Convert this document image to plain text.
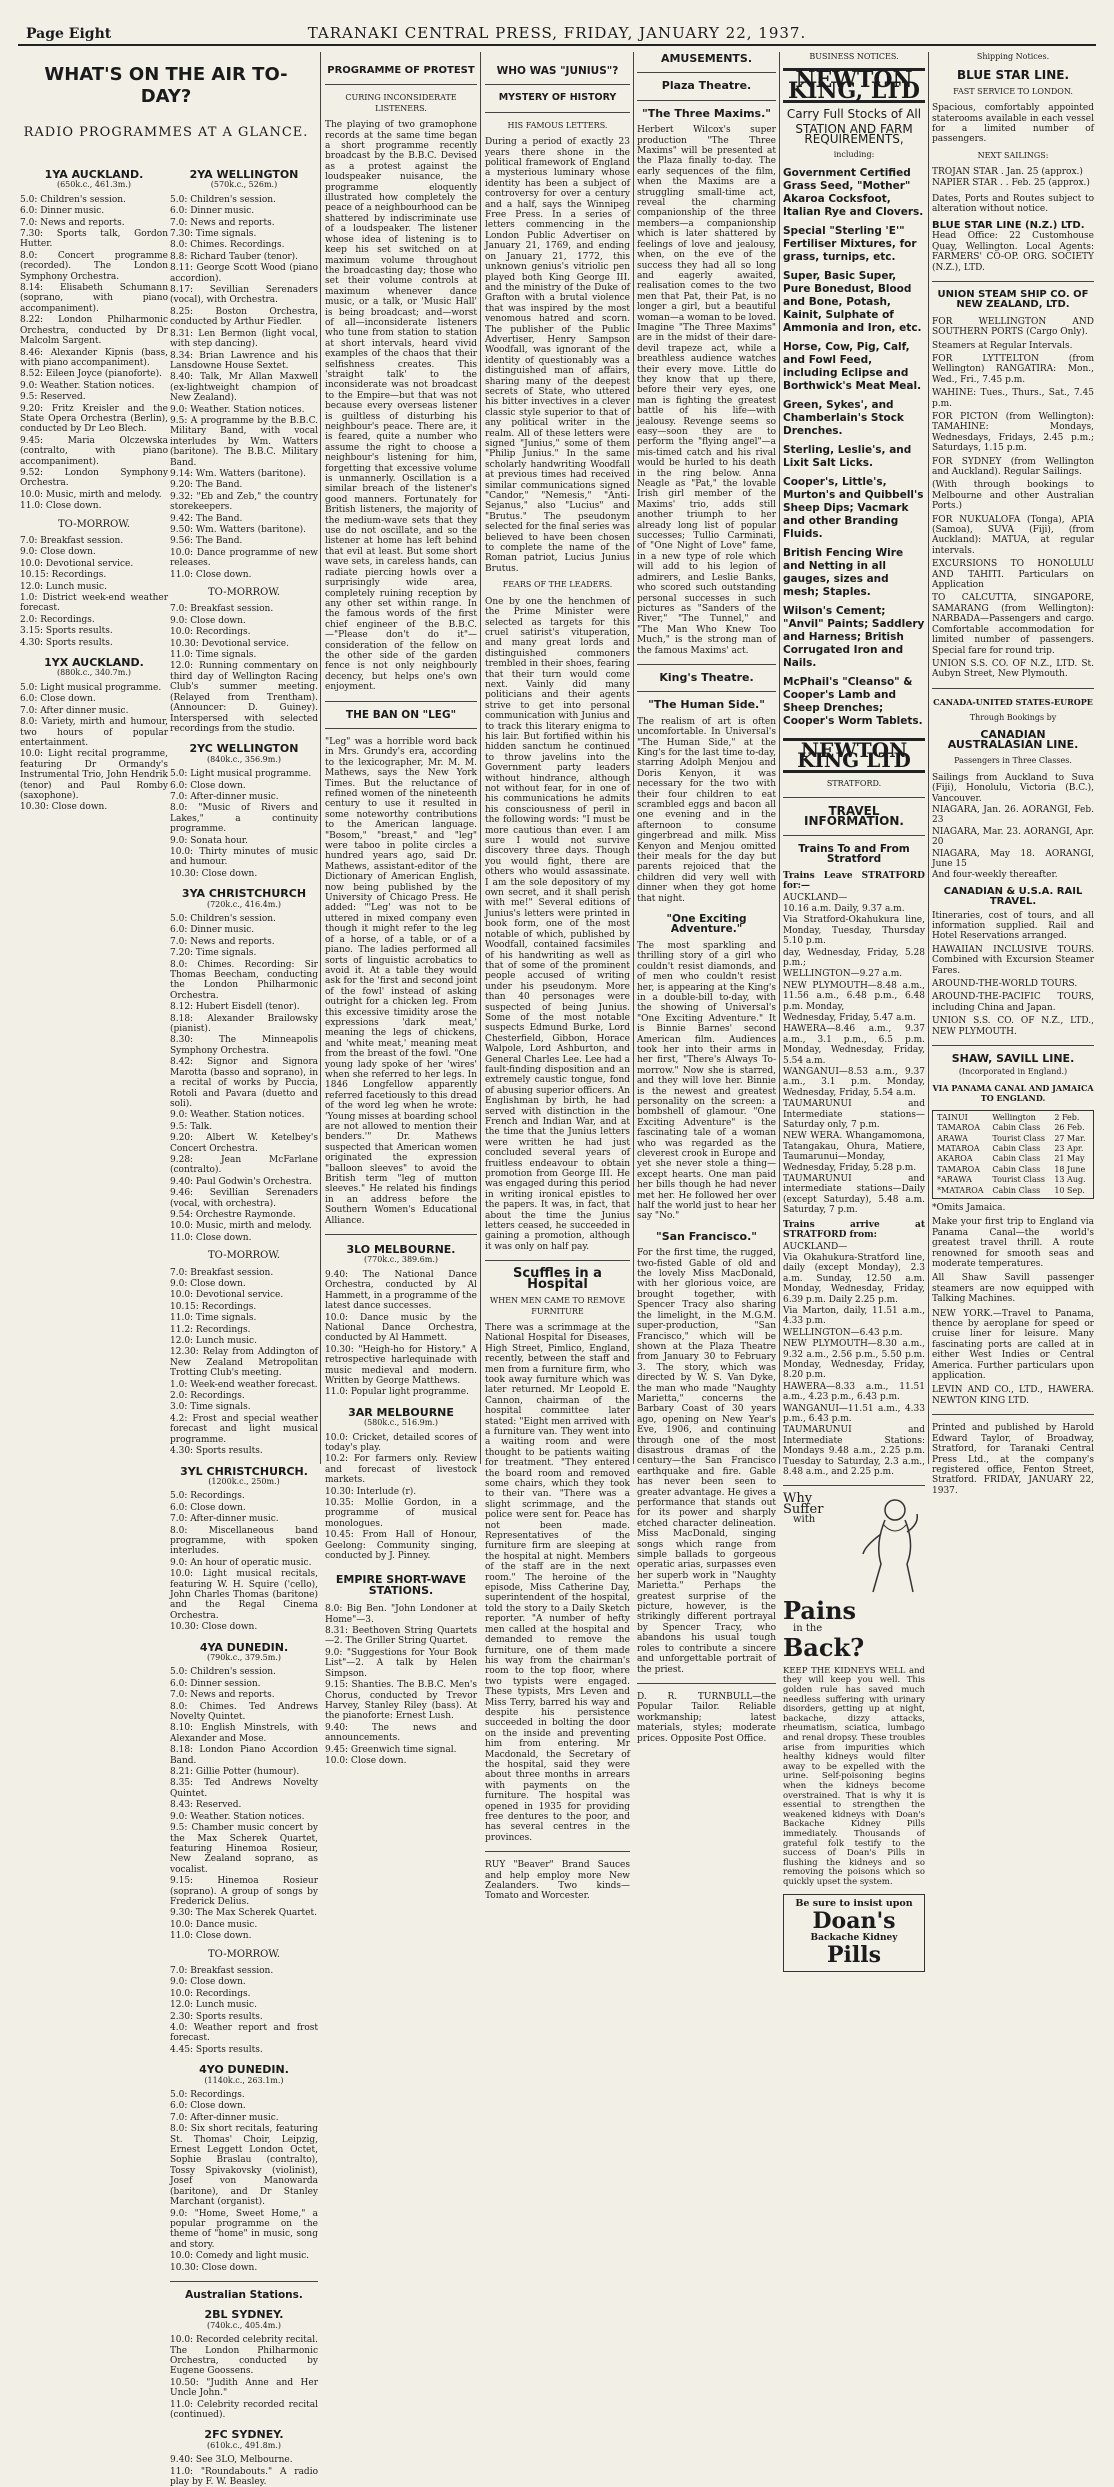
Page Eight	TARANAKI CENTRAL PRESS, FRIDAY, JANUARY 22, 1937.
WHAT'S ON THE AIR TO-DAY?
RADIO PROGRAMMES AT A GLANCE.
1YA AUCKLAND.
(650k.c., 461.3m.)
5.0: Children's session.
6.0: Dinner music.
7.0: News and reports.
7.30: Sports talk, Gordon Hutter.
8.0: Concert programme (recorded). The London Symphony Orchestra.
8.14: Elisabeth Schumann (soprano, with piano accompaniment).
8.22: London Philharmonic Orchestra, conducted by Dr Malcolm Sargent.
8.46: Alexander Kipnis (bass, with piano accompaniment).
8.52: Eileen Joyce (pianoforte).
9.0: Weather. Station notices.
9.5: Reserved.
9.20: Fritz Kreisler and the State Opera Orchestra (Berlin), conducted by Dr Leo Blech.
9.45: Maria Olczewska (contralto, with piano accompaniment).
9.52: London Symphony Orchestra.
10.0: Music, mirth and melody.
11.0: Close down.
TO-MORROW.
7.0: Breakfast session.
9.0: Close down.
10.0: Devotional service.
10.15: Recordings.
12.0: Lunch music.
1.0: District week-end weather forecast.
2.0: Recordings.
3.15: Sports results.
4.30: Sports results.
1YX AUCKLAND.
(880k.c., 340.7m.)
5.0: Light musical programme.
6.0: Close down.
7.0: After dinner music.
8.0: Variety, mirth and humour, two hours of popular entertainment.
10.0: Light recital programme, featuring Dr Ormandy's Instrumental Trio, John Hendrik (tenor) and Paul Romby (saxophone).
10.30: Close down.
2YA WELLINGTON
(570k.c., 526m.)
5.0: Children's session.
6.0: Dinner music.
7.0: News and reports.
7.30: Time signals.
8.0: Chimes. Recordings.
8.8: Richard Tauber (tenor).
8.11: George Scott Wood (piano accordion).
8.17: Sevillian Serenaders (vocal), with Orchestra.
8.25: Boston Orchestra, conducted by Arthur Fiedler.
8.31: Len Bermon (light vocal, with step dancing).
8.34: Brian Lawrence and his Lansdowne House Sextet.
8.40: Talk, Mr Allan Maxwell (ex-lightweight champion of New Zealand).
9.0: Weather. Station notices.
9.5: A programme by the B.B.C. Military Band, with vocal interludes by Wm. Watters (baritone). The B.B.C. Military Band.
9.14: Wm. Watters (baritone).
9.20: The Band.
9.32: "Eb and Zeb," the country storekeepers.
9.42: The Band.
9.50: Wm. Watters (baritone).
9.56: The Band.
10.0: Dance programme of new releases.
11.0: Close down.
TO-MORROW.
7.0: Breakfast session.
9.0: Close down.
10.0: Recordings.
10.30: Devotional service.
11.0: Time signals.
12.0: Running commentary on third day of Wellington Racing Club's summer meeting. (Relayed from Trentham). (Announcer: D. Guiney). Interspersed with selected recordings from the studio.
2YC WELLINGTON
(840k.c., 356.9m.)
5.0: Light musical programme.
6.0: Close down.
7.0: After-dinner music.
8.0: "Music of Rivers and Lakes," a continuity programme.
9.0: Sonata hour.
10.0: Thirty minutes of music and humour.
10.30: Close down.
3YA CHRISTCHURCH
(720k.c., 416.4m.)
5.0: Children's session.
6.0: Dinner music.
7.0: News and reports.
7.20: Time signals.
8.0: Chimes. Recording: Sir Thomas Beecham, conducting the London Philharmonic Orchestra.
8.12: Hubert Eisdell (tenor).
8.18: Alexander Brailowsky (pianist).
8.30: The Minneapolis Symphony Orchestra.
8.42: Signor and Signora Marotta (basso and soprano), in a recital of works by Puccia, Rotoli and Pavara (duetto and soli).
9.0: Weather. Station notices.
9.5: Talk.
9.20: Albert W. Ketelbey's Concert Orchestra.
9.28: Jean McFarlane (contralto).
9.40: Paul Godwin's Orchestra.
9.46: Sevillian Serenaders (vocal, with orchestra).
9.54: Orchestre Raymonde.
10.0: Music, mirth and melody.
11.0: Close down.
TO-MORROW.
7.0: Breakfast session.
9.0: Close down.
10.0: Devotional service.
10.15: Recordings.
11.0: Time signals.
11.2: Recordings.
12.0: Lunch music.
12.30: Relay from Addington of New Zealand Metropolitan Trotting Club's meeting.
1.0: Week-end weather forecast.
2.0: Recordings.
3.0: Time signals.
4.2: Frost and special weather forecast and light musical programme.
4.30: Sports results.
3YL CHRISTCHURCH.
(1200k.c., 250m.)
5.0: Recordings.
6.0: Close down.
7.0: After-dinner music.
8.0: Miscellaneous band programme, with spoken interludes.
9.0: An hour of operatic music.
10.0: Light musical recitals, featuring W. H. Squire ('cello), John Charles Thomas (baritone) and the Regal Cinema Orchestra.
10.30: Close down.
4YA DUNEDIN.
(790k.c., 379.5m.)
5.0: Children's session.
6.0: Dinner session.
7.0: News and reports.
8.0: Chimes. Ted Andrews Novelty Quintet.
8.10: English Minstrels, with Alexander and Mose.
8.18: London Piano Accordion Band.
8.21: Gillie Potter (humour).
8.35: Ted Andrews Novelty Quintet.
8.43: Reserved.
9.0: Weather. Station notices.
9.5: Chamber music concert by the Max Scherek Quartet, featuring Hinemoa Rosieur, New Zealand soprano, as vocalist.
9.15: Hinemoa Rosieur (soprano). A group of songs by Frederick Delius.
9.30: The Max Scherek Quartet.
10.0: Dance music.
11.0: Close down.
TO-MORROW.
7.0: Breakfast session.
9.0: Close down.
10.0: Recordings.
12.0: Lunch music.
2.30: Sports results.
4.0: Weather report and frost forecast.
4.45: Sports results.
4YO DUNEDIN.
(1140k.c., 263.1m.)
5.0: Recordings.
6.0: Close down.
7.0: After-dinner music.
8.0: Six short recitals, featuring St. Thomas' Choir, Leipzig, Ernest Leggett London Octet, Sophie Braslau (contralto), Tossy Spivakovsky (violinist), Josef von Manowarda (baritone), and Dr Stanley Marchant (organist).
9.0: "Home, Sweet Home," a popular programme on the theme of "home" in music, song and story.
10.0: Comedy and light music.
10.30: Close down.
Australian Stations.
2BL SYDNEY.
(740k.c., 405.4m.)
10.0: Recorded celebrity recital. The London Philharmonic Orchestra, conducted by Eugene Goossens.
10.50: "Judith Anne and Her Uncle John."
11.0: Celebrity recorded recital (continued).
2FC SYDNEY.
(610k.c., 491.8m.)
9.40: See 3LO, Melbourne.
11.0: "Roundabouts." A radio play by F. W. Beasley.
PROGRAMME OF PROTEST
CURING INCONSIDERATE LISTENERS.
The playing of two gramophone records at the same time began a short programme recently broadcast by the B.B.C. Devised as a protest against the loudspeaker nuisance, the programme eloquently illustrated how completely the peace of a neighbourhood can be shattered by indiscriminate use of a loudspeaker. The listener whose idea of listening is to keep his set switched on at maximum volume throughout the broadcasting day; those who set their volume controls at maximum whenever dance music, or a talk, or 'Music Hall' is being broadcast; and—worst of all—inconsiderate listeners who tune from station to station at short intervals, heard vivid examples of the chaos that their selfishness creates. This 'straight talk' to the inconsiderate was not broadcast to the Empire—but that was not because every overseas listener is guiltless of disturbing his neighbour's peace. There are, it is feared, quite a number who assume the right to choose a neighbour's listening for him, forgetting that excessive volume is unmannerly. Oscillation is a similar breach of the listener's good manners. Fortunately for British listeners, the majority of the medium-wave sets that they use do not oscillate, and so the listener at home has left behind that evil at least. But some short wave sets, in careless hands, can radiate piercing howls over a surprisingly wide area, completely ruining reception by any other set within range. In the famous words of the first chief engineer of the B.B.C.—"Please don't do it"—consideration of the fellow on the other side of the garden fence is not only neighbourly decency, but helps one's own enjoyment.
THE BAN ON "LEG"
"Leg" was a horrible word back in Mrs. Grundy's era, according to the lexicographer, Mr. M. M. Mathews, says the New York Times. But the reluctance of refined women of the nineteenth century to use it resulted in some noteworthy contributions to the American language. "Bosom," "breast," and "leg" were taboo in polite circles a hundred years ago, said Dr. Mathews, assistant-editor of the Dictionary of American English, now being published by the University of Chicago Press. He added: "'Leg' was not to be uttered in mixed company even though it might refer to the leg of a horse, of a table, or of a piano. The ladies performed all sorts of linguistic acrobatics to avoid it. At a table they would ask for the 'first and second joint of the fowl' instead of asking outright for a chicken leg. From this excessive timidity arose the expressions 'dark meat,' meaning the legs of chickens, and 'white meat,' meaning meat from the breast of the fowl. "One young lady spoke of her 'wires' when she referred to her legs. In 1846 Longfellow apparently referred facetiously to this dread of the word leg when he wrote: 'Young misses at boarding school are not allowed to mention their benders.'" Dr. Mathews suspected that American women originated the expression "balloon sleeves" to avoid the British term "leg of mutton sleeves." He related his findings in an address before the Southern Women's Educational Alliance.
3LO MELBOURNE.
(770k.c., 389.6m.)
9.40: The National Dance Orchestra, conducted by Al Hammett, in a programme of the latest dance successes.
10.0: Dance music by the National Dance Orchestra, conducted by Al Hammett.
10.30: "Heigh-ho for History." A retrospective harlequinade with music medieval and modern. Written by George Matthews.
11.0: Popular light programme.
3AR MELBOURNE
(580k.c., 516.9m.)
10.0: Cricket, detailed scores of today's play.
10.2: For farmers only. Review and forecast of livestock markets.
10.30: Interlude (r).
10.35: Mollie Gordon, in a programme of musical monologues.
10.45: From Hall of Honour, Geelong: Community singing, conducted by J. Pinney.
EMPIRE SHORT-WAVE STATIONS.
8.0: Big Ben. "John Londoner at Home"—3.
8.31: Beethoven String Quartets—2. The Griller String Quartet.
9.0: "Suggestions for Your Book List"—2. A talk by Helen Simpson.
9.15: Shanties. The B.B.C. Men's Chorus, conducted by Trevor Harvey, Stanley Riley (bass). At the pianoforte: Ernest Lush.
9.40: The news and announcements.
9.45: Greenwich time signal.
10.0: Close down.
WHO WAS "JUNIUS"?
MYSTERY OF HISTORY
HIS FAMOUS LETTERS.
During a period of exactly 23 years there shone in the political framework of England a mysterious luminary whose identity has been a subject of controversy for over a century and a half, says the Winnipeg Free Press. In a series of letters commencing in the London Public Advertiser on January 21, 1769, and ending on January 21, 1772, this unknown genius's vitriolic pen played both King George III. and the ministry of the Duke of Grafton with a brutal violence that was inspired by the most venomous hatred and scorn. The publisher of the Public Advertiser, Henry Sampson Woodfall, was ignorant of the identity of questionably was a distinguished man of affairs, sharing many of the deepest secrets of State, who uttered his bitter invectives in a clever classic style superior to that of any political writer in the realm. All of these letters were signed "Junius," some of them "Philip Junius." In the same scholarly handwriting Woodfall at previous times had received similar communications signed "Candor," "Nemesis," "Anti-Sejanus," also "Lucius" and "Brutus." The pseudonym selected for the final series was believed to have been chosen to complete the name of the Roman patriot, Lucius Junius Brutus.
FEARS OF THE LEADERS.
One by one the henchmen of the Prime Minister were selected as targets for this cruel satirist's vituperation, and many great lords and distinguished commoners trembled in their shoes, fearing that their turn would come next. Vainly did many politicians and their agents strive to get into personal communication with Junius and to track this literary enigma to his lair. But fortified within his hidden sanctum he continued to throw javelins into the Government party leaders without hindrance, although not without fear, for in one of his communications he admits his consciousness of peril in the following words: "I must be more cautious than ever. I am sure I would not survive discovery three days. Though you would fight, there are others who would assassinate. I am the sole depository of my own secret, and it shall perish with me!" Several editions of Junius's letters were printed in book form, one of the most notable of which, published by Woodfall, contained facsimiles of his handwriting as well as that of some of the prominent people accused of writing under his pseudonym. More than 40 personages were suspected of being Junius. Some of the most notable suspects Edmund Burke, Lord Chesterfield, Gibbon, Horace Walpole, Lord Ashburton, and General Charles Lee. Lee had a fault-finding disposition and an extremely caustic tongue, fond of abusing superior officers. An Englishman by birth, he had served with distinction in the French and Indian War, and at the time that the Junius letters were written he had just concluded several years of fruitless endeavour to obtain promotion from George III. He was engaged during this period in writing ironical epistles to the papers. It was, in fact, that about the time the Junius letters ceased, he succeeded in gaining a promotion, although it was only on half pay.
Scuffles in a Hospital
WHEN MEN CAME TO REMOVE FURNITURE
There was a scrimmage at the National Hospital for Diseases, High Street, Pimlico, England, recently, between the staff and men from a furniture firm, who took away furniture which was later returned. Mr Leopold E. Cannon, chairman of the hospital committee later stated: "Eight men arrived with a furniture van. They went into a waiting room and were thought to be patients waiting for treatment. "They entered the board room and removed some chairs, which they took to their van. "There was a slight scrimmage, and the police were sent for. Peace has not been made. Representatives of the furniture firm are sleeping at the hospital at night. Members of the staff are in the next room." The heroine of the episode, Miss Catherine Day, superintendent of the hospital, told the story to a Daily Sketch reporter. "A number of hefty men called at the hospital and demanded to remove the furniture, one of them made his way from the chairman's room to the top floor, where two typists were engaged. These typists, Mrs Leven and Miss Terry, barred his way and despite his persistence succeeded in bolting the door on the inside and preventing him from entering. Mr Macdonald, the Secretary of the hospital, said they were about three months in arrears with payments on the furniture. The hospital was opened in 1935 for providing free dentures to the poor, and has several centres in the provinces.
RUY "Beaver" Brand Sauces and help employ more New Zealanders. Two kinds—Tomato and Worcester.
AMUSEMENTS.
Plaza Theatre.
"The Three Maxims."
Herbert Wilcox's super production "The Three Maxims" will be presented at the Plaza finally to-day. The early sequences of the film, when the Maxims are a struggling small-time act, reveal the charming companionship of the three members—a companionship which is later shattered by feelings of love and jealousy, when, on the eve of the success they had all so long and eagerly awaited, realisation comes to the two men that Pat, their Pat, is no longer a girl, but a beautiful woman—a woman to be loved. Imagine "The Three Maxims" are in the midst of their dare-devil trapeze act, while a breathless audience watches their every move. Little do they know that up there, before their very eyes, one man is fighting the greatest battle of his life—with jealousy. Revenge seems so easy—soon they are to perform the "flying angel"—a mis-timed catch and his rival would be hurled to his death in the ring below. Anna Neagle as "Pat," the lovable Irish girl member of the Maxims' trio, adds still another triumph to her already long list of popular successes; Tullio Carminati, of "One Night of Love" fame, in a new type of role which will add to his legion of admirers, and Leslie Banks, who scored such outstanding personal successes in such pictures as "Sanders of the River," "The Tunnel," and "The Man Who Knew Too Much," is the strong man of the famous Maxims' act.
King's Theatre.
"The Human Side."
The realism of art is often uncomfortable. In Universal's "The Human Side," at the King's for the last time to-day, starring Adolph Menjou and Doris Kenyon, it was necessary for the two with their four children to eat scrambled eggs and bacon all one evening and in the afternoon to consume gingerbread and milk. Miss Kenyon and Menjou omitted their meals for the day but parents rejoiced that the children did very well with dinner when they got home that night.
"One Exciting Adventure."
The most sparkling and thrilling story of a girl who couldn't resist diamonds, and of men who couldn't resist her, is appearing at the King's in a double-bill to-day, with the showing of Universal's "One Exciting Adventure." It is Binnie Barnes' second American film. Audiences took her into their arms in her first, "There's Always To-morrow." Now she is starred, and they will love her. Binnie is the newest and greatest personality on the screen: a bombshell of glamour. "One Exciting Adventure" is the fascinating tale of a woman who was regarded as the cleverest crook in Europe and yet she never stole a thing—except hearts. One man paid her bills though he had never met her. He followed her over half the world just to hear her say "No."
"San Francisco."
For the first time, the rugged, two-fisted Gable of old and the lovely Miss MacDonald, with her glorious voice, are brought together, with Spencer Tracy also sharing the limelight, in the M.G.M. super-production, "San Francisco," which will be shown at the Plaza Theatre from January 30 to February 3. The story, which was directed by W. S. Van Dyke, the man who made "Naughty Marietta," concerns the Barbary Coast of 30 years ago, opening on New Year's Eve, 1906, and continuing through one of the most disastrous dramas of the century—the San Francisco earthquake and fire. Gable has never been seen to greater advantage. He gives a performance that stands out for its power and sharply etched character delineation. Miss MacDonald, singing songs which range from simple ballads to gorgeous operatic arias, surpasses even her superb work in "Naughty Marietta." Perhaps the greatest surprise of the picture, however, is the strikingly different portrayal by Spencer Tracy, who abandons his usual tough roles to contribute a sincere and unforgettable portrait of the priest.
D. R. TURNBULL—the Popular Tailor. Reliable workmanship; latest materials, styles; moderate prices. Opposite Post Office.
BUSINESS NOTICES.
NEWTON KING, LTD
Carry Full Stocks of All
STATION AND FARM REQUIREMENTS,
including:
Government Certified Grass Seed, "Mother" Akaroa Cocksfoot, Italian Rye and Clovers.
Special "Sterling 'E'" Fertiliser Mixtures, for grass, turnips, etc.
Super, Basic Super, Pure Bonedust, Blood and Bone, Potash, Kainit, Sulphate of Ammonia and Iron, etc.
Horse, Cow, Pig, Calf, and Fowl Feed, including Eclipse and Borthwick's Meat Meal.
Green, Sykes', and Chamberlain's Stock Drenches.
Sterling, Leslie's, and Lixit Salt Licks.
Cooper's, Little's, Murton's and Quibbell's Sheep Dips; Vacmark and other Branding Fluids.
British Fencing Wire and Netting in all gauges, sizes and mesh; Staples.
Wilson's Cement; "Anvil" Paints; Saddlery and Harness; British Corrugated Iron and Nails.
McPhail's "Cleanso" & Cooper's Lamb and Sheep Drenches; Cooper's Worm Tablets.
NEWTON KING LTD
STRATFORD.
TRAVEL INFORMATION.
Trains To and From Stratford
Trains Leave STRATFORD for:—
AUCKLAND—
10.16 a.m. Daily, 9.37 a.m.
Via Stratford-Okahukura line, Monday, Tuesday, Thursday 5.10 p.m.
day, Wednesday, Friday, 5.28 p.m.;
WELLINGTON—9.27 a.m.
NEW PLYMOUTH—8.48 a.m., 11.56 a.m., 6.48 p.m., 6.48 p.m. Monday,
Wednesday, Friday, 5.47 a.m.
HAWERA—8.46 a.m., 9.37 a.m., 3.1 p.m., 6.5 p.m. Monday, Wednesday, Friday, 5.54 a.m.
WANGANUI—8.53 a.m., 9.37 a.m., 3.1 p.m. Monday, Wednesday, Friday, 5.54 a.m.
TAUMARUNUI and Intermediate stations—Saturday only, 7 p.m.
NEW WERA. Whangamomona, Tatangakau, Ohura, Matiere, Taumarunui—Monday, Wednesday, Friday, 5.28 p.m.
TAUMARUNUI and intermediate stations—Daily (except Saturday), 5.48 a.m. Saturday, 7 p.m.
Trains arrive at STRATFORD from:
AUCKLAND—
Via Okahukura-Stratford line, daily (except Monday), 2.3 a.m. Sunday, 12.50 a.m. Monday, Wednesday, Friday, 6.39 p.m. Daily 2.25 p.m.
Via Marton, daily, 11.51 a.m., 4.33 p.m.
WELLINGTON—6.43 p.m.
NEW PLYMOUTH—8.30 a.m., 9.32 a.m., 2.56 p.m., 5.50 p.m. Monday, Wednesday, Friday, 8.20 p.m.
HAWERA—8.33 a.m., 11.51 a.m., 4.23 p.m., 6.43 p.m.
WANGANUI—11.51 a.m., 4.33 p.m., 6.43 p.m.
TAUMARUNUI and Intermediate Stations: Mondays 9.48 a.m., 2.25 p.m. Tuesday to Saturday, 2.3 a.m., 8.48 a.m., and 2.25 p.m.
Why Suffer
with
Pains
in the
Back?
KEEP THE KIDNEYS WELL and they will keep you well. This golden rule has saved much needless suffering with urinary disorders, getting up at night, backache, dizzy attacks, rheumatism, sciatica, lumbago and renal dropsy. These troubles arise from impurities which healthy kidneys would filter away to be expelled with the urine. Self-poisoning begins when the kidneys become overstrained. That is why it is essential to strengthen the weakened kidneys with Doan's Backache Kidney Pills immediately. Thousands of grateful folk testify to the success of Doan's Pills in flushing the kidneys and so removing the poisons which so quickly upset the system.
Be sure to insist upon
Doan's
Backache Kidney
Pills
Shipping Notices.
BLUE STAR LINE.
FAST SERVICE TO LONDON.
Spacious, comfortably appointed staterooms available in each vessel for a limited number of passengers.
NEXT SAILINGS:
TROJAN STAR . Jan. 25 (approx.)
NAPIER STAR . . Feb. 25 (approx.)
Dates, Ports and Routes subject to alteration without notice.
BLUE STAR LINE (N.Z.) LTD.
Head Office: 22 Customhouse Quay, Wellington. Local Agents: FARMERS' CO-OP. ORG. SOCIETY (N.Z.), LTD.
UNION STEAM SHIP CO. OF NEW ZEALAND, LTD.
FOR WELLINGTON AND SOUTHERN PORTS (Cargo Only).
Steamers at Regular Intervals.
FOR LYTTELTON (from Wellington) RANGATIRA: Mon., Wed., Fri., 7.45 p.m.
WAHINE: Tues., Thurs., Sat., 7.45 p.m.
FOR PICTON (from Wellington): TAMAHINE: Mondays, Wednesdays, Fridays, 2.45 p.m.; Saturdays, 1.15 p.m.
FOR SYDNEY (from Wellington and Auckland). Regular Sailings.
(With through bookings to Melbourne and other Australian Ports.)
FOR NUKUALOFA (Tonga), APIA (Samoa), SUVA (Fiji), (from Auckland): MATUA, at regular intervals.
EXCURSIONS TO HONOLULU AND TAHITI. Particulars on Application
TO CALCUTTA, SINGAPORE, SAMARANG (from Wellington): NARBADA—Passengers and cargo. Comfortable accommodation for limited number of passengers. Special fare for round trip.
UNION S.S. CO. OF N.Z., LTD. St. Aubyn Street, New Plymouth.
CANADA-UNITED STATES-EUROPE
Through Bookings by
CANADIAN AUSTRALASIAN LINE.
Passengers in Three Classes.
Sailings from Auckland to Suva (Fiji), Honolulu, Victoria (B.C.), Vancouver.
NIAGARA, Jan. 26. AORANGI, Feb. 23
NIAGARA, Mar. 23. AORANGI, Apr. 20
NIAGARA, May 18. AORANGI, June 15
And four-weekly thereafter.
CANADIAN & U.S.A. RAIL TRAVEL.
Itineraries, cost of tours, and all information supplied. Rail and Hotel Reservations arranged.
HAWAIIAN INCLUSIVE TOURS. Combined with Excursion Steamer Fares.
AROUND-THE-WORLD TOURS.
AROUND-THE-PACIFIC TOURS, including China and Japan.
UNION S.S. CO. OF N.Z., LTD., NEW PLYMOUTH.
SHAW, SAVILL LINE.
(Incorporated in England.)
VIA PANAMA CANAL AND JAMAICA TO ENGLAND.
TAINUI	Wellington	2 Feb.
TAMAROA	Cabin Class	26 Feb.
ARAWA	Tourist Class	27 Mar.
MATAROA	Cabin Class	23 Apr.
AKAROA	Cabin Class	21 May
TAMAROA	Cabin Class	18 June
*ARAWA	Tourist Class	13 Aug.
*MATAROA	Cabin Class	10 Sep.
*Omits Jamaica.
Make your first trip to England via Panama Canal—the world's greatest travel thrill. A route renowned for smooth seas and moderate temperatures.
All Shaw Savill passenger steamers are now equipped with Talking Machines.
NEW YORK.—Travel to Panama, thence by aeroplane for speed or cruise liner for leisure. Many fascinating ports are called at in either West Indies or Central America. Further particulars upon application.
LEVIN AND CO., LTD., HAWERA. NEWTON KING LTD.
Printed and published by Harold Edward Taylor, of Broadway, Stratford, for Taranaki Central Press Ltd., at the company's registered office, Fenton Street, Stratford. FRIDAY, JANUARY 22, 1937.
